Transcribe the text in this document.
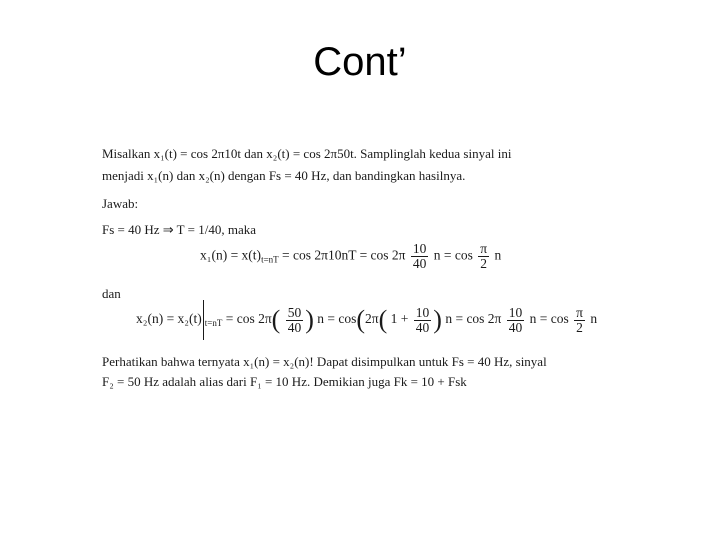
Cont’
Misalkan x₁(t) = cos 2π10t dan x₂(t) = cos 2π50t. Samplinglah kedua sinyal ini
menjadi x₁(n) dan x₂(n) dengan Fs = 40 Hz, dan bandingkan hasilnya.
Jawab:
Fs = 40 Hz ⇒ T = 1/40, maka
$x_1(n) = x(t)_{t=nT} = \cos 2\pi 10nT = \cos 2\pi \frac{10}{40}$ $n = \cos \frac{\pi}{2}$ n
dan
x₂(n) = x₂(t) $_{t=nT} = \cos 2\pi( \frac{50}{40}$ ) n = cos(2π( $1 + \frac{10}{40}$ ) $n = \cos 2\pi \frac{10}{40}$ $n = \cos \frac{\pi}{2}$ n
Perhatikan bahwa ternyata x₁(n) = x₂(n)! Dapat disimpulkan untuk Fs = 40 Hz, sinyal
F₂ = 50 Hz adalah alias dari F₁ = 10 Hz. Demikian juga Fk = 10 + Fsk
